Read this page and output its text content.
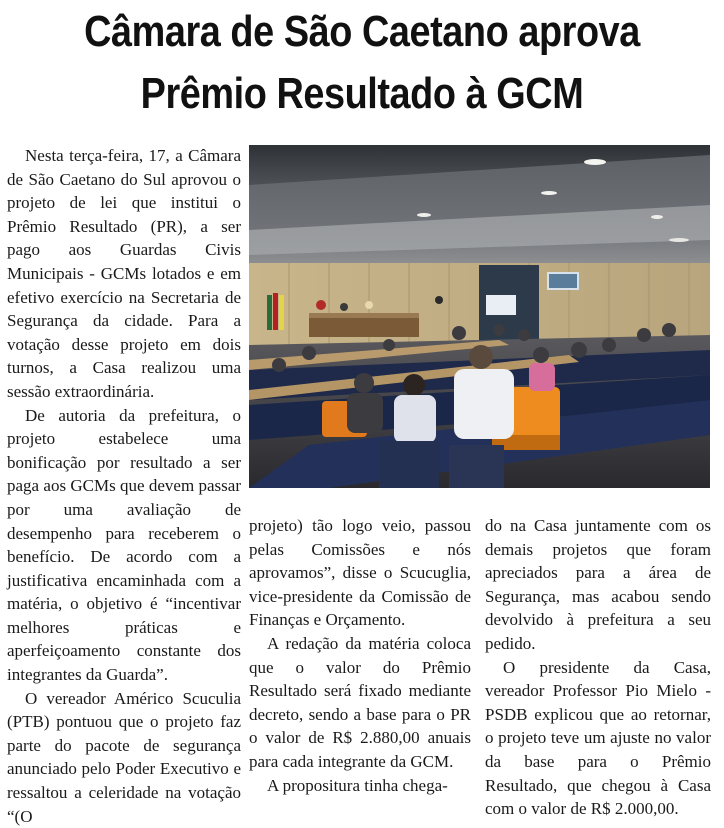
Câmara de São Caetano aprova
Prêmio Resultado à GCM

Nesta terça-feira, 17, a Câmara de São Caetano do Sul aprovou o projeto de lei que institui o Prêmio Resultado (PR), a ser pago aos Guardas Civis Municipais - GCMs lotados e em efetivo exercício na Secretaria de Segurança da cidade. Para a votação desse projeto em dois turnos, a Casa realizou uma sessão extraordinária.

De autoria da prefeitura, o projeto estabelece uma bonificação por resultado a ser paga aos GCMs que devem passar por uma avaliação de desempenho para receberem o benefício. De acordo com a justificativa encaminhada com a matéria, o objetivo é “incentivar melhores práticas e aperfeiçoamento constante dos integrantes da Guarda”.

O vereador Américo Scuculia (PTB) pontuou que o projeto faz parte do pacote de segurança anunciado pelo Poder Executivo e ressaltou a celeridade na votação “(O

projeto) tão logo veio, passou pelas Comissões e nós aprovamos”, disse o Scucuglia, vice-presidente da Comissão de Finanças e Orçamento.

A redação da matéria coloca que o valor do Prêmio Resultado será fixado mediante decreto, sendo a base para o PR o valor de R$ 2.880,00 anuais para cada integrante da GCM.

A propositura tinha chega-

do na Casa juntamente com os demais projetos que foram apreciados para a área de Segurança, mas acabou sendo devolvido à prefeitura a seu pedido.

O presidente da Casa, vereador Professor Pio Mielo - PSDB explicou que ao retornar, o projeto teve um ajuste no valor da base para o Prêmio Resultado, que chegou à Casa com o valor de R$ 2.000,00.
